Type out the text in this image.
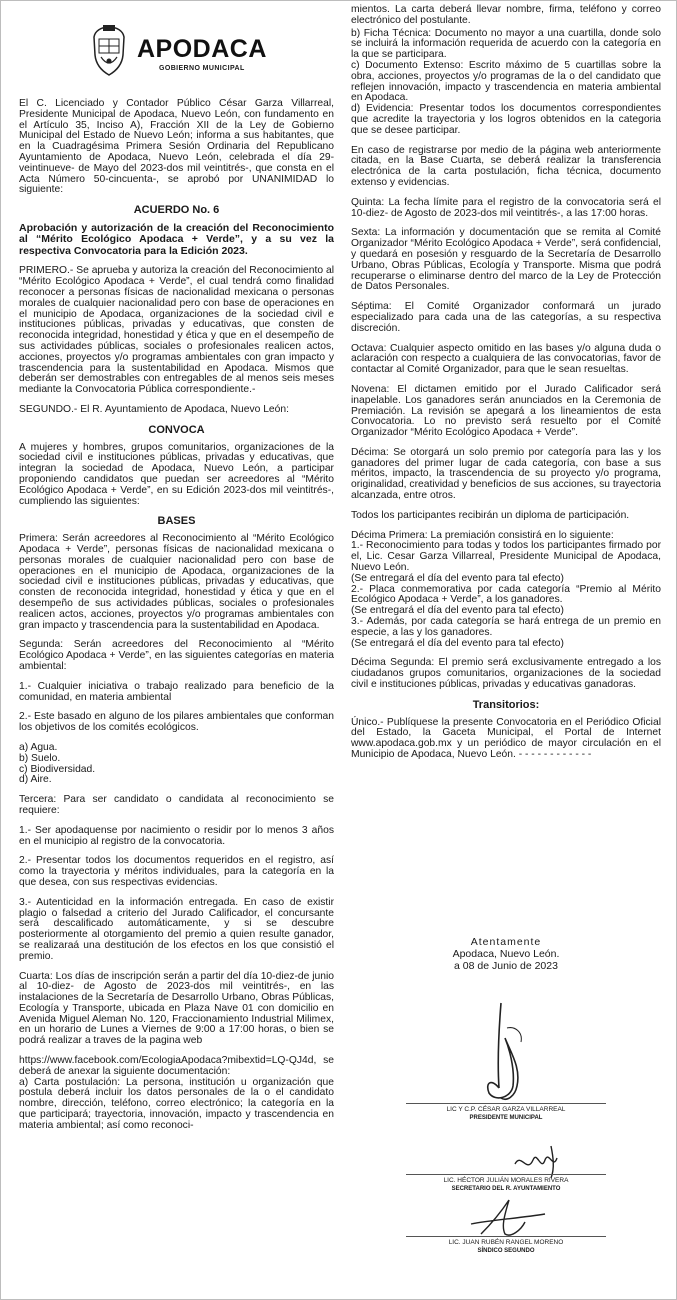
APODACA
GOBIERNO MUNICIPAL

El C. Licenciado y Contador Público César Garza Villarreal, Presidente Municipal de Apodaca, Nuevo León, con fundamento en el Artículo 35, Inciso A), Fracción XII de la Ley de Gobierno Municipal del Estado de Nuevo León; informa a sus habitantes, que en la Cuadragésima Primera Sesión Ordinaria del Republicano Ayuntamiento de Apodaca, Nuevo León, celebrada el día 29-veintinueve- de Mayo del 2023-dos mil veintitrés-, que consta en el Acta Número 50-cincuenta-, se aprobó por UNANIMIDAD lo siguiente:

ACUERDO No. 6

Aprobación y autorización de la creación del Reconocimiento al “Mérito Ecológico Apodaca + Verde”, y a su vez la respectiva Convocatoria para la Edición 2023.

PRIMERO.- Se aprueba y autoriza la creación del Reconocimiento al “Mérito Ecológico Apodaca + Verde”, el cual tendrá como finalidad reconocer a personas físicas de nacionalidad mexicana o personas morales de cualquier nacionalidad pero con base de operaciones en el municipio de Apodaca, organizaciones de la sociedad civil e instituciones públicas, privadas y educativas, que consten de reconocida integridad, honestidad y ética y que en el desempeño de sus actividades públicas, sociales o profesionales realicen actos, acciones, proyectos y/o programas ambientales con gran impacto y trascendencia para la sustentabilidad en Apodaca. Mismos que deberán ser demostrables con entregables de al menos seis meses mediante la Convocatoria Pública correspondiente.-

SEGUNDO.- El R. Ayuntamiento de Apodaca, Nuevo León:

CONVOCA

A mujeres y hombres, grupos comunitarios, organizaciones de la sociedad civil e instituciones públicas, privadas y educativas, que integran la sociedad de Apodaca, Nuevo León, a participar proponiendo candidatos que puedan ser acreedores al “Mérito Ecológico Apodaca + Verde”, en su Edición 2023-dos mil veintitrés-, cumpliendo las siguientes:

BASES

Primera: Serán acreedores al Reconocimiento al “Mérito Ecológico Apodaca + Verde”, personas físicas de nacionalidad mexicana o personas morales de cualquier nacionalidad pero con base de operaciones en el municipio de Apodaca, organizaciones de la sociedad civil e instituciones públicas, privadas y educativas, que consten de reconocida integridad, honestidad y ética y que en el desempeño de sus actividades públicas, sociales o profesionales realicen actos, acciones, proyectos y/o programas ambientales con gran impacto y trascendencia para la sustentabilidad en Apodaca.

Segunda: Serán acreedores del Reconocimiento al “Mérito Ecológico Apodaca + Verde”, en las siguientes categorías en materia ambiental:

1.- Cualquier iniciativa o trabajo realizado para beneficio de la comunidad, en materia ambiental

2.- Este basado en alguno de los pilares ambientales que conforman los objetivos de los comités ecológicos.

a) Agua.

b) Suelo.

c) Biodiversidad.

d) Aire.

Tercera: Para ser candidato o candidata al reconocimiento se requiere:

1.- Ser apodaquense por nacimiento o residir por lo menos 3 años en el municipio al registro de la convocatoria.

2.- Presentar todos los documentos requeridos en el registro, así como la trayectoria y méritos individuales, para la categoría en la que desea, con sus respectivas evidencias.

3.- Autenticidad en la información entregada. En caso de existir plagio o falsedad a criterio del Jurado Calificador, el concursante será descalificado automáticamente, y si se descubre posteriormente al otorgamiento del premio a quien resulte ganador, se realizaraá una destitución de los efectos en los que consistió el premio.

Cuarta: Los días de inscripción serán a partir del día 10-diez-de junio al 10-diez- de Agosto de 2023-dos mil veintitrés-, en las instalaciones de la Secretaría de Desarrollo Urbano, Obras Públicas, Ecología y Transporte, ubicada en Plaza Nave 01 con domicilio en Avenida Miguel Aleman No. 120, Fraccionamiento Industrial Milimex, en un horario de Lunes a Viernes de 9:00 a 17:00 horas, o bien se podrá realizar a traves de la pagina web

https://www.facebook.com/EcologiaApodaca?mibextid=LQ-QJ4d, se deberá de anexar la siguiente documentación:

a) Carta postulación: La persona, institución u organización que postula deberá incluir los datos personales de la o el candidato nombre, dirección, teléfono, correo electrónico; la categoría en la que participará; trayectoria, innovación, impacto y trascendencia en materia ambiental; así como reconoci-

mientos. La carta deberá llevar nombre, firma, teléfono y correo electrónico del postulante.

b) Ficha Técnica: Documento no mayor a una cuartilla, donde solo se incluirá la información requerida de acuerdo con la categoría en la que se participara.

c) Documento Extenso: Escrito máximo de 5 cuartillas sobre la obra, acciones, proyectos y/o programas de la o del candidato que reflejen innovación, impacto y trascendencia en materia ambiental en Apodaca.

d) Evidencia: Presentar todos los documentos correspondientes que acredite la trayectoria y los logros obtenidos en la categoria que se desee participar.

En caso de registrarse por medio de la página web anteriormente citada, en la Base Cuarta, se deberá realizar la transferencia electrónica de la carta postulación, ficha técnica, documento extenso y evidencias.

Quinta: La fecha límite para el registro de la convocatoria será el 10-diez- de Agosto de 2023-dos mil veintitrés-, a las 17:00 horas.

Sexta: La información y documentación que se remita al Comité Organizador “Mérito Ecológico Apodaca + Verde”, será confidencial, y quedará en posesión y resguardo de la Secretaría de Desarrollo Urbano, Obras Públicas, Ecología y Transporte. Misma que podrá recuperarse o eliminarse dentro del marco de la Ley de Protección de Datos Personales.

Séptima: El Comité Organizador conformará un jurado especializado para cada una de las categorías, a su respectiva discreción.

Octava: Cualquier aspecto omitido en las bases y/o alguna duda o aclaración con respecto a cualquiera de las convocatorias, favor de contactar al Comité Organizador, para que le sean resueltas.

Novena: El dictamen emitido por el Jurado Calificador será inapelable. Los ganadores serán anunciados en la Ceremonia de Premiación. La revisión se apegará a los lineamientos de esta Convocatoria. Lo no previsto será resuelto por el Comité Organizador “Mérito Ecológico Apodaca + Verde”.

Décima: Se otorgará un solo premio por categoría para las y los ganadores del primer lugar de cada categoría, con base a sus méritos, impacto, la trascendencia de su proyecto y/o programa, originalidad, creatividad y beneficios de sus acciones, su trayectoria alcanzada, entre otros.

Todos los participantes recibirán un diploma de participación.

Décima Primera: La premiación consistirá en lo siguiente:

1.- Reconocimiento para todas y todos los participantes firmado por el, Lic. Cesar Garza Villarreal, Presidente Municipal de Apodaca, Nuevo León.

(Se entregará el día del evento para tal efecto)

2.- Placa conmemorativa por cada categoría “Premio al Mérito Ecológico Apodaca + Verde”, a los ganadores.

(Se entregará el día del evento para tal efecto)

3.- Además, por cada categoría se hará entrega de un premio en especie, a las y los ganadores.

(Se entregará el día del evento para tal efecto)

Décima Segunda: El premio será exclusivamente entregado a los ciudadanos grupos comunitarios, organizaciones de la sociedad civil e instituciones públicas, privadas y educativas ganadoras.

Transitorios:

Único.- Publíquese la presente Convocatoria en el Periódico Oficial del Estado, la Gaceta Municipal, el Portal de Internet www.apodaca.gob.mx y un periódico de mayor circulación en el Municipio de Apodaca, Nuevo León. - - - - - - - - - - - -

Atentamente
Apodaca, Nuevo León.
a 08 de Junio de 2023
LIC Y C.P. CÉSAR GARZA VILLARREAL
PRESIDENTE MUNICIPAL
LIC. HÉCTOR JULIÁN MORALES RIVERA
SECRETARIO DEL R. AYUNTAMIENTO
LIC. JUAN RUBÉN RANGEL MORENO
SÍNDICO SEGUNDO
